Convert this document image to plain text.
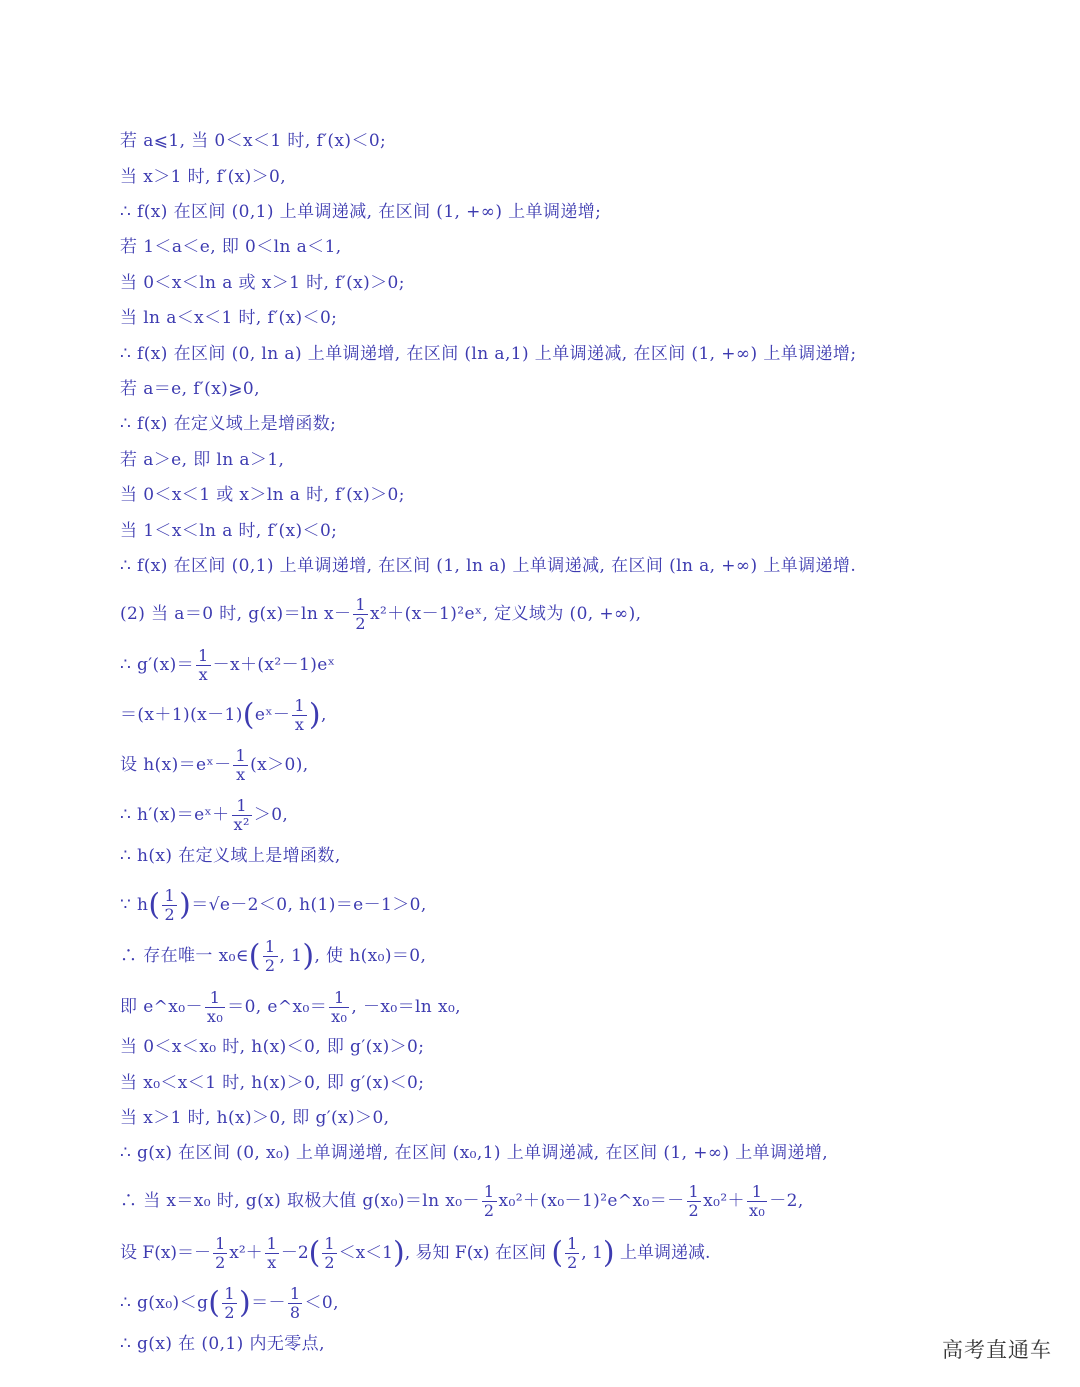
若 a⩽1, 当 0＜x＜1 时, f′(x)＜0;
当 x＞1 时, f′(x)＞0,
∴ f(x) 在区间 (0,1) 上单调递减, 在区间 (1, +∞) 上单调递增;
若 1＜a＜e, 即 0＜ln a＜1,
当 0＜x＜ln a 或 x＞1 时, f′(x)＞0;
当 ln a＜x＜1 时, f′(x)＜0;
∴ f(x) 在区间 (0, ln a) 上单调递增, 在区间 (ln a,1) 上单调递减, 在区间 (1, +∞) 上单调递增;
若 a＝e, f′(x)⩾0,
∴ f(x) 在定义域上是增函数;
若 a＞e, 即 ln a＞1,
当 0＜x＜1 或 x＞ln a 时, f′(x)＞0;
当 1＜x＜ln a 时, f′(x)＜0;
∴ f(x) 在区间 (0,1) 上单调递增, 在区间 (1, ln a) 上单调递减, 在区间 (ln a, +∞) 上单调递增.
(2) 当 a＝0 时, g(x)＝ln $x- \frac{1}{2}$ x²＋(x－1)²eˣ, 定义域为 (0, +∞),
∴ $g'(x)= \frac{1}{x}$ －x＋(x²－1)eˣ
＝(x＋1)(x－1)(eˣ－ $\frac{1}{x}$ ),
设 h(x)＝eˣ－ $\frac{1}{x} (x>0)$,
∴ h′(x)＝eˣ＋ $\frac{1}{\text{x²}} >0$,
∴ h(x) 在定义域上是增函数,
∵ $h( \frac{1}{2} )=√e-2<0$, h(1)＝e－1＞0,
∴ 存在唯一 x₀∈( $\frac{1}{2}$ , 1), 使 h(x₀)＝0,
即 e^x₀－ $\frac{1}{\text{x₀}} =0$, e^x₀＝ $\frac{1}{\text{x₀}}$ , －x₀＝ln x₀,
当 0＜x＜x₀ 时, h(x)＜0, 即 g′(x)＞0;
当 x₀＜x＜1 时, h(x)＞0, 即 g′(x)＜0;
当 x＞1 时, h(x)＞0, 即 g′(x)＞0,
∴ g(x) 在区间 (0, x₀) 上单调递增, 在区间 (x₀,1) 上单调递减, 在区间 (1, +∞) 上单调递增,
∴ 当 x＝x₀ 时, g(x) 取极大值 g(x₀)＝ln $x_0- \frac{1}{2}$ x₀²＋(x₀－1)²e^x₀＝－ $\frac{1}{2} x_0^2+ \frac{1}{\text{x₀}} -2$,
设 $F(x)=- \frac{1}{2} x^2+ \frac{1}{x} -2( \frac{1}{2} <x<1)$, 易知 F(x) 在区间 ( $\frac{1}{2}$ , 1) 上单调递减.
∴ $g(x_0)<g( \frac{1}{2}$ )＝－ $\frac{1}{8} <0$,
∴ g(x) 在 (0,1) 内无零点,	高考直通车
